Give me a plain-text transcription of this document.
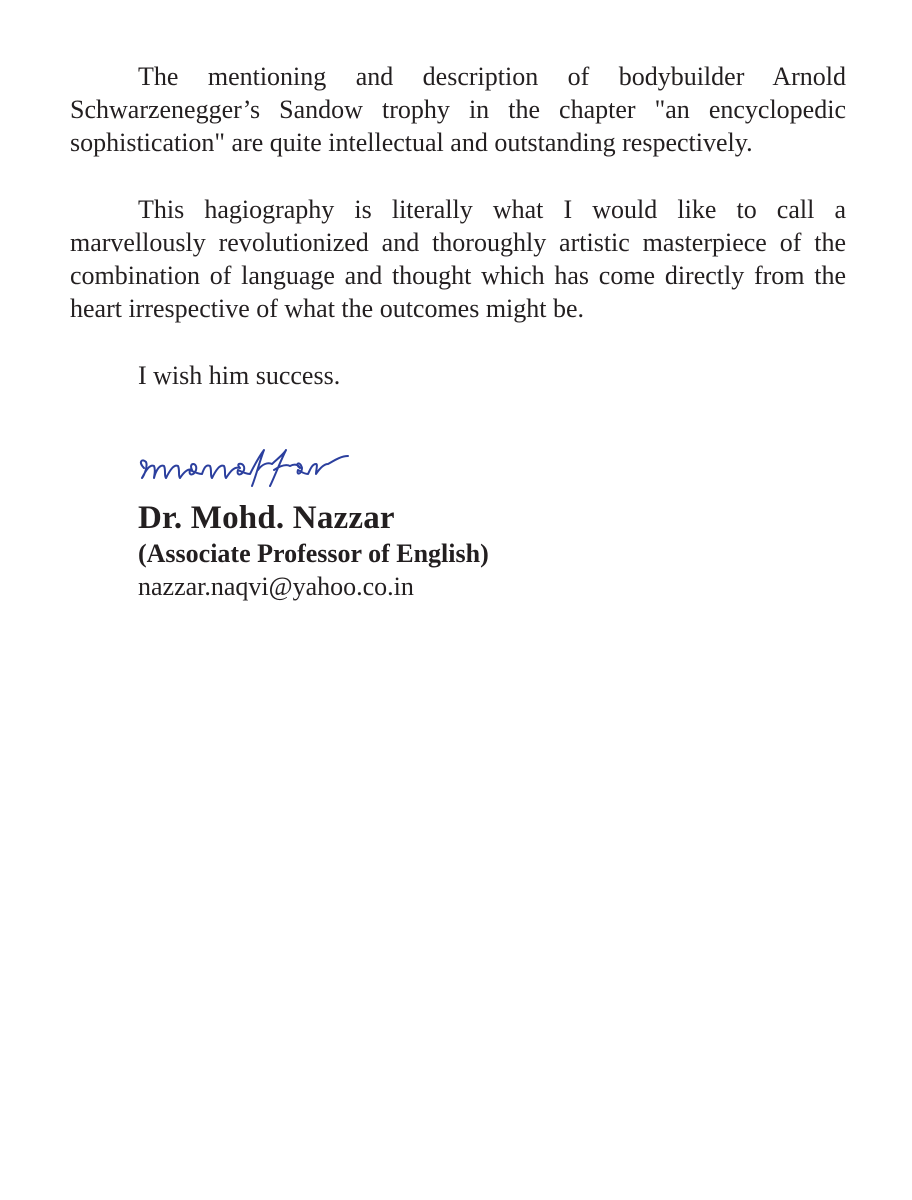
The mentioning and description of bodybuilder Arnold Schwarzenegger’s Sandow trophy in the chapter "an encyclopedic sophistication" are quite intellectual and outstanding respectively.

This hagiography is literally what I would like to call a marvellously revolutionized and thoroughly artistic masterpiece of the combination of language and thought which has come directly from the heart irrespective of what the outcomes might be.

I wish him success.

Dr. Mohd. Nazzar

(Associate Professor of English)

nazzar.naqvi@yahoo.co.in
